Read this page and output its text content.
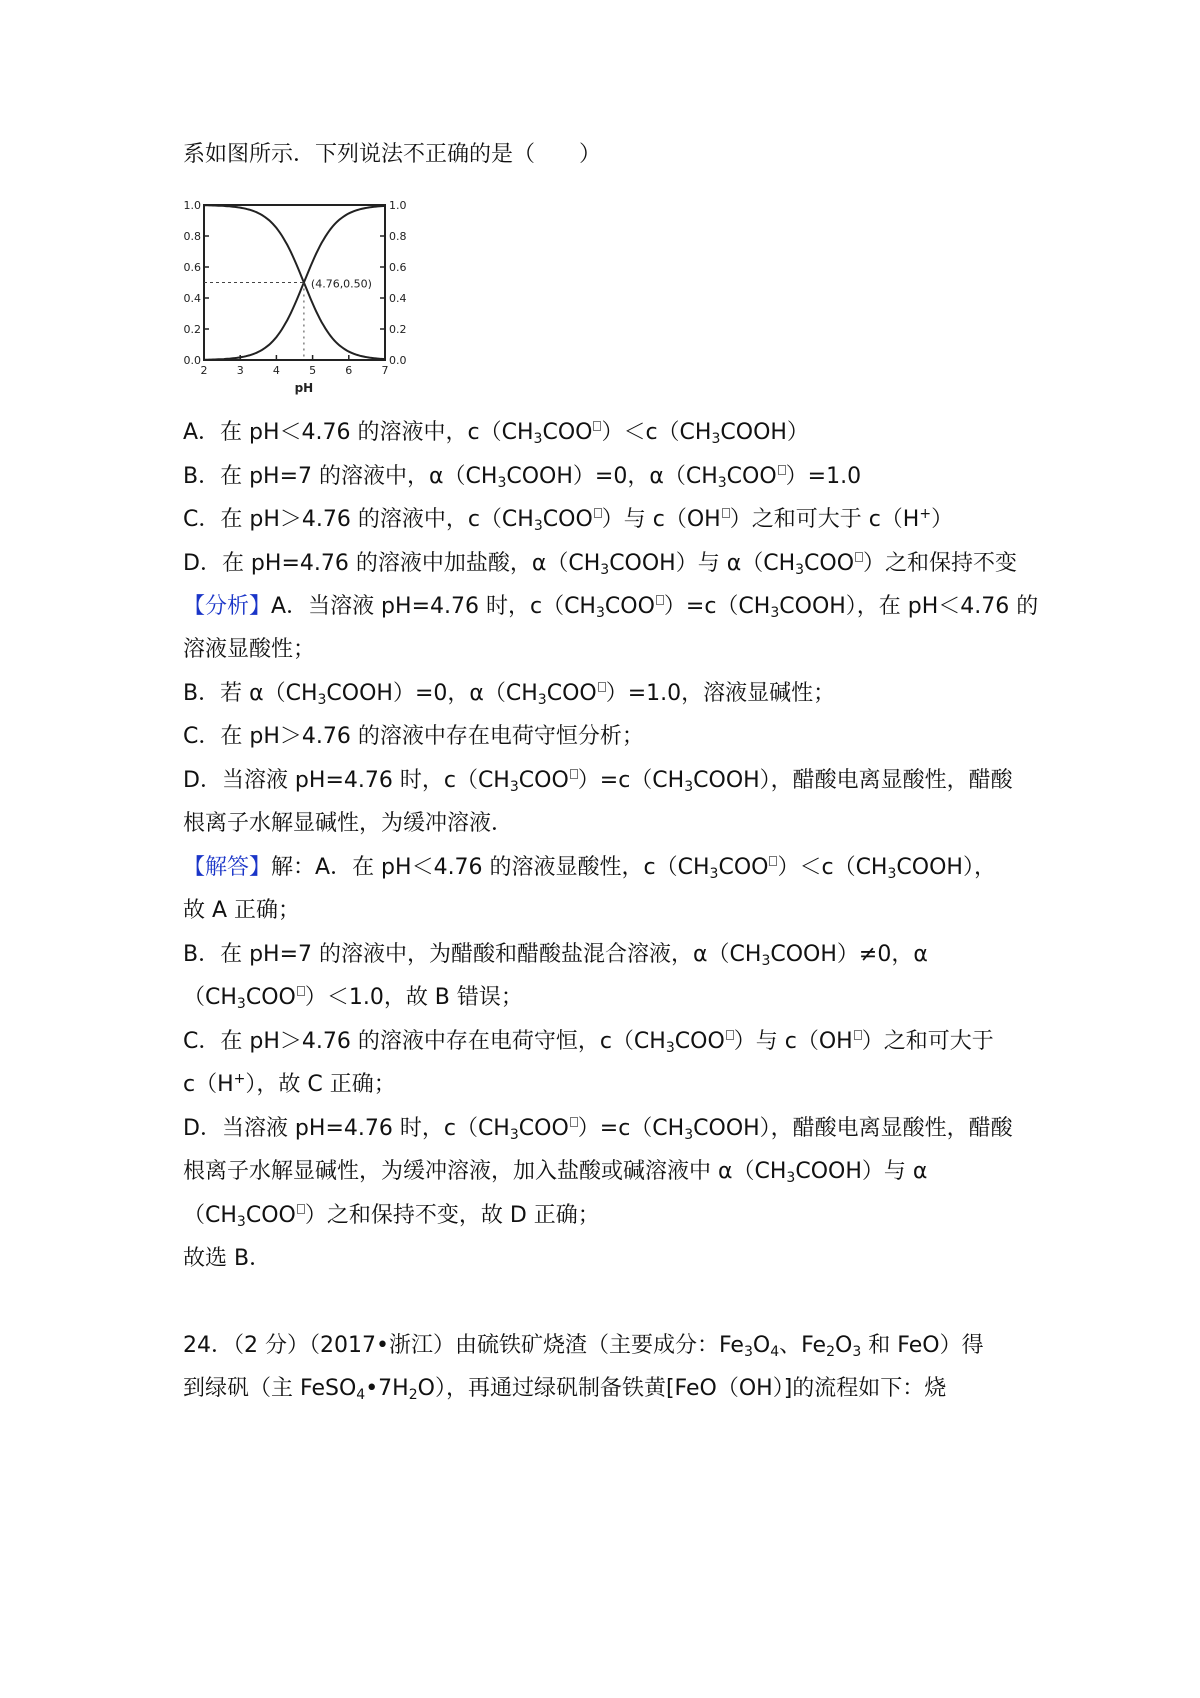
系如图所示．下列说法不正确的是（　　）
0.0
0.2
0.4
0.6
0.8
1.0
0.0
0.2
0.4
0.6
0.8
1.0
2	3	4	5	6	7
pH
(4.76,0.50)
A．在 pH＜4.76 的溶液中，$c(CH_3COO$ ）$<c(CH_3COOH)$
B．在 pH=7 的溶液中，$\alpha(CH_3COOH)=0$，$\alpha(CH_3COO$ ）=1.0
C．在 pH＞4.76 的溶液中，$c(CH_3COO$ ）与 c（OH ）之和可大于 c（H+）
D．在 pH=4.76 的溶液中加盐酸，$\alpha(CH_3COOH)$与 $\alpha(CH_3COO$ ）之和保持不变
【分析】A．当溶液 pH=4.76 时，$c(CH_3COO$ ）$=c(CH_3COOH)$，在 pH＜4.76 的
溶液显酸性；
B．若 $\alpha(CH_3COOH)=0$，$\alpha(CH_3COO$ ）=1.0，溶液显碱性；
C．在 pH＞4.76 的溶液中存在电荷守恒分析；
D．当溶液 pH=4.76 时，$c(CH_3COO$ ）$=c(CH_3COOH)$，醋酸电离显酸性，醋酸
根离子水解显碱性，为缓冲溶液．
【解答】解：A．在 pH＜4.76 的溶液显酸性，$c(CH_3COO$ ）$<c(CH_3COOH)$，
故 A 正确；
B．在 pH=7 的溶液中，为醋酸和醋酸盐混合溶液，$\alpha(CH_3COOH)\ne 0$，α
（$CH_3COO$ ）＜1.0，故 B 错误；
C．在 pH＞4.76 的溶液中存在电荷守恒，$c(CH_3COO$ ）与 c（OH ）之和可大于
c（H+），故 C 正确；
D．当溶液 pH=4.76 时，$c(CH_3COO$ ）$=c(CH_3COOH)$，醋酸电离显酸性，醋酸
根离子水解显碱性，为缓冲溶液，加入盐酸或碱溶液中 $\alpha(CH_3COOH)$与 α
（$CH_3COO$ ）之和保持不变，故 D 正确；
故选 B．
24．（2 分）（2017•浙江）由硫铁矿烧渣（主要成分：$Fe_3O_4$、$Fe_2O_3$ 和 FeO）得
到绿矾（主 $FeSO_4•7H_2O$），再通过绿矾制备铁黄[FeO（OH）]的流程如下：烧
